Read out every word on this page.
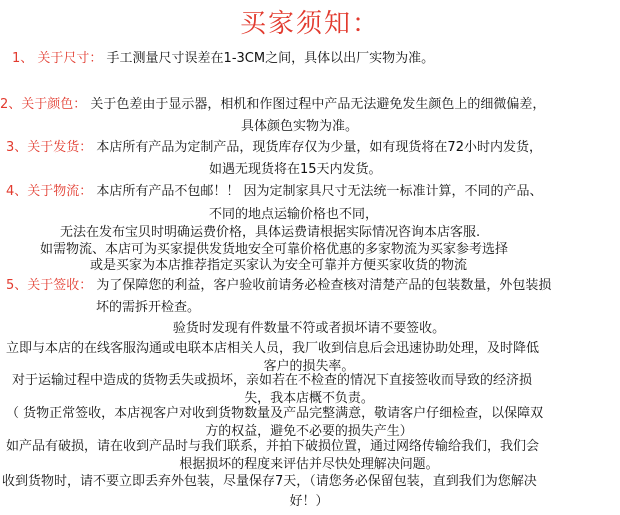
买家须知：
1、 关于尺寸： 手工测量尺寸误差在1-3CM之间，具体以出厂实物为准。
2、关于颜色： 关于色差由于显示器，相机和作图过程中产品无法避免发生颜色上的细微偏差，
具体颜色实物为准。
3、关于发货： 本店所有产品为定制产品，现货库存仅为少量，如有现货将在72小时内发货，
如遇无现货将在15天内发货。
4、关于物流： 本店所有产品不包邮！！ 因为定制家具尺寸无法统一标准计算，不同的产品、
不同的地点运输价格也不同，
无法在发布宝贝时明确运费价格，具体运费请根据实际情况咨询本店客服.
如需物流、本店可为买家提供发货地安全可靠价格优惠的多家物流为买家参考选择
或是买家为本店推荐指定买家认为安全可靠并方便买家收货的物流
5、关于签收： 为了保障您的利益，客户验收前请务必检查核对清楚产品的包装数量，外包装损
坏的需拆开检查。
验货时发现有件数量不符或者损坏请不要签收。
立即与本店的在线客服沟通或电联本店相关人员，我厂收到信息后会迅速协助处理，及时降低
客户的损失率。
对于运输过程中造成的货物丢失或损坏，亲如若在不检查的情况下直接签收而导致的经济损
失，我本店概不负责。
（ 货物正常签收，本店视客户对收到货物数量及产品完整满意，敬请客户仔细检查，以保障双
方的权益，避免不必要的损失产生）
如产品有破损，请在收到产品时与我们联系，并拍下破损位置，通过网络传输给我们，我们会
根据损坏的程度来评估并尽快处理解决问题。
收到货物时，请不要立即丢弃外包装，尽量保存7天，（请您务必保留包装，直到我们为您解决
好！）
